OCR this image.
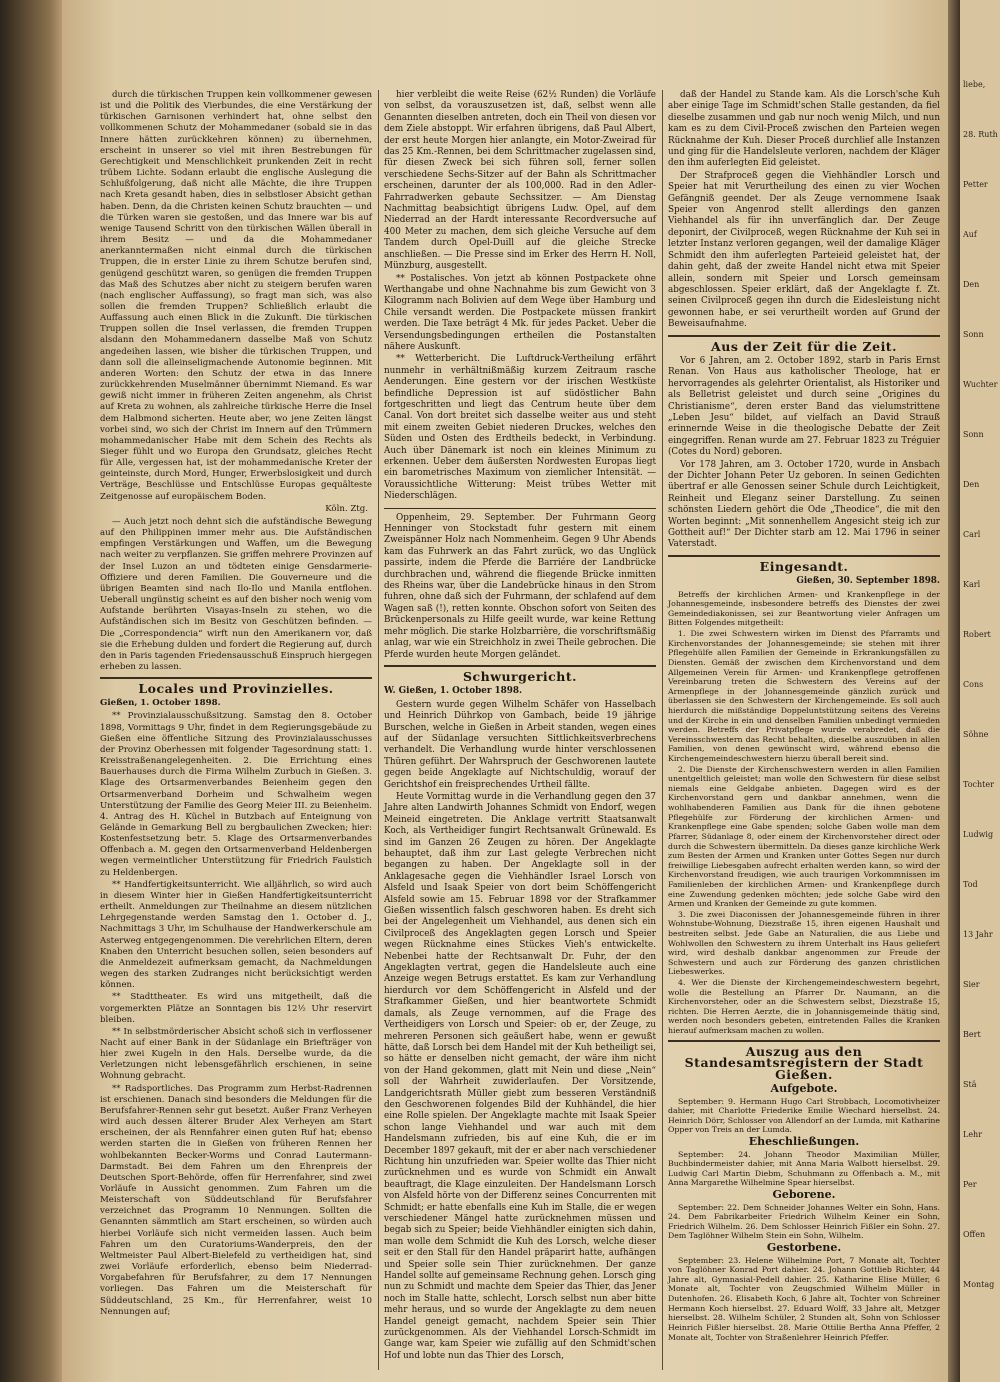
liebe,
28. Ruth
Petter
Auf
Den
Sonn
Wuchter
Sonn
Den
Carl
Karl
Robert
Cons
Söhne
Tochter
Ludwig
Tod
13 Jahr
Sier
Bert
Stä
Lehr
Per
Offen
Montag

durch die türkischen Truppen kein vollkommener gewesen ist und die Politik des Vierbundes, die eine Verstärkung der türkischen Garnisonen verhindert hat, ohne selbst den vollkommenen Schutz der Mohammedaner (sobald sie in das Innere hätten zurückkehren können) zu übernehmen, erscheint in unserer so viel mit ihren Bestrebungen für Gerechtigkeit und Menschlichkeit prunkenden Zeit in recht trübem Lichte. Sodann erlaubt die englische Auslegung die Schlußfolgerung, daß nicht alle Mächte, die ihre Truppen nach Kreta gesandt haben, dies in selbstloser Absicht gethan haben. Denn, da die Christen keinen Schutz brauchten — und die Türken waren sie gestoßen, und das Innere war bis auf wenige Tausend Schritt von den türkischen Wällen überall in ihrem Besitz — und da die Mohammedaner anerkanntermaßen nicht einmal durch die türkischen Truppen, die in erster Linie zu ihrem Schutze berufen sind, genügend geschützt waren, so genügen die fremden Truppen das Maß des Schutzes aber nicht zu steigern berufen waren (nach englischer Auffassung), so fragt man sich, was also sollen die fremden Truppen? Schließlich erlaubt die Auffassung auch einen Blick in die Zukunft. Die türkischen Truppen sollen die Insel verlassen, die fremden Truppen alsdann den Mohammedanern dasselbe Maß von Schutz angedeihen lassen, wie bisher die türkischen Truppen, und dann soll die alleinseligmachende Autonomie beginnen. Mit anderen Worten: den Schutz der etwa in das Innere zurückkehrenden Muselmänner übernimmt Niemand. Es war gewiß nicht immer in früheren Zeiten angenehm, als Christ auf Kreta zu wohnen, als zahlreiche türkische Herre die Insel dem Halbmond sicherten. Heute aber, wo jene Zeiten längst vorbei sind, wo sich der Christ im Innern auf den Trümmern mohammedanischer Habe mit dem Schein des Rechts als Sieger fühlt und wo Europa den Grundsatz, gleiches Recht für Alle, vergessen hat, ist der mohammedanische Kreter der geinteinste, durch Mord, Hunger, Erwerbslosigkeit und durch Verträge, Beschlüsse und Entschlüsse Europas gequälteste Zeitgenosse auf europäischem Boden.

Köln. Ztg.

— Auch jetzt noch dehnt sich die aufständische Bewegung auf den Philippinen immer mehr aus. Die Aufständischen empfingen Verstärkungen und Waffen, um die Bewegung nach weiter zu verpflanzen. Sie griffen mehrere Provinzen auf der Insel Luzon an und tödteten einige Gensdarmerie-Offiziere und deren Familien. Die Gouverneure und die übrigen Beamten sind nach Ilo-Ilo und Manila entflohen. Ueberall ungünstig scheint es auf den bisher noch wenig vom Aufstande berührten Visayas-Inseln zu stehen, wo die Aufständischen sich im Besitz von Geschützen befinden. — Die „Correspondencia“ wirft nun den Amerikanern vor, daß sie die Erhebung dulden und fordert die Regierung auf, durch den in Paris tagenden Friedensausschuß Einspruch hiergegen erheben zu lassen.

Locales und Provinzielles.
Gießen, 1. October 1898.

** Provinzialausschußsitzung. Samstag den 8. October 1898, Vormittags 9 Uhr, findet in dem Regierungsgebäude zu Gießen eine öffentliche Sitzung des Provinzialausschusses der Provinz Oberhessen mit folgender Tagesordnung statt: 1. Kreisstraßenangelegenheiten. 2. Die Errichtung eines Bauerhauses durch die Firma Wilhelm Zurbuch in Gießen. 3. Klage des Ortsarmenverbandes Beienheim gegen den Ortsarmenverband Dorheim und Schwalheim wegen Unterstützung der Familie des Georg Meier III. zu Beienheim. 4. Antrag des H. Küchel in Butzbach auf Enteignung von Gelände in Gemarkung Bell zu bergbaulichen Zwecken; hier: Kostenfestsetzung betr. 5. Klage des Ortsarmenverbandes Offenbach a. M. gegen den Ortsarmenverband Heldenbergen wegen vermeintlicher Unterstützung für Friedrich Faulstich zu Heldenbergen.

** Handfertigkeitsunterricht. Wie alljährlich, so wird auch in diesem Winter hier in Gießen Handfertigkeitsunterricht ertheilt. Anmeldungen zur Theilnahme an diesem nützlichen Lehrgegenstande werden Samstag den 1. October d. J., Nachmittags 3 Uhr, im Schulhause der Handwerkerschule am Asterweg entgegengenommen. Die verehrlichen Eltern, deren Knaben den Unterricht besuchen sollen, seien besonders auf die Anmeldezeit aufmerksam gemacht, da Nachmeldungen wegen des starken Zudranges nicht berücksichtigt werden können.

** Stadttheater. Es wird uns mitgetheilt, daß die vorgemerkten Plätze an Sonntagen bis 12½ Uhr reservirt bleiben.

** In selbstmörderischer Absicht schoß sich in verflossener Nacht auf einer Bank in der Südanlage ein Briefträger von hier zwei Kugeln in den Hals. Derselbe wurde, da die Verletzungen nicht lebensgefährlich erschienen, in seine Wohnung gebracht.

** Radsportliches. Das Programm zum Herbst-Radrennen ist erschienen. Danach sind besonders die Meldungen für die Berufsfahrer-Rennen sehr gut besetzt. Außer Franz Verheyen wird auch dessen älterer Bruder Alex Verheyen am Start erscheinen, der als Rennfahrer einen guten Ruf hat; ebenso werden starten die in Gießen von früheren Rennen her wohlbekannten Becker-Worms und Conrad Lautermann-Darmstadt. Bei dem Fahren um den Ehrenpreis der Deutschen Sport-Behörde, offen für Herrenfahrer, sind zwei Vorläufe in Aussicht genommen. Zum Fahren um die Meisterschaft von Süddeutschland für Berufsfahrer verzeichnet das Programm 10 Nennungen. Sollten die Genannten sämmtlich am Start erscheinen, so würden auch hierbei Vorläufe sich nicht vermeiden lassen. Auch beim Fahren um den Curatoriums-Wanderpreis, den der Weltmeister Paul Albert-Bielefeld zu vertheidigen hat, sind zwei Vorläufe erforderlich, ebenso beim Niederrad-Vorgabefahren für Berufsfahrer, zu dem 17 Nennungen vorliegen. Das Fahren um die Meisterschaft für Süddeutschland, 25 Km., für Herrenfahrer, weist 10 Nennungen auf;

hier verbleibt die weite Reise (62½ Runden) die Vorläufe von selbst, da vorauszusetzen ist, daß, selbst wenn alle Genannten dieselben antreten, doch ein Theil von diesen vor dem Ziele abstoppt. Wir erfahren übrigens, daß Paul Albert, der erst heute Morgen hier anlangte, ein Motor-Zweirad für das 25 Km.-Rennen, bei dem Schrittmacher zugelassen sind, für diesen Zweck bei sich führen soll, ferner sollen verschiedene Sechs-Sitzer auf der Bahn als Schrittmacher erscheinen, darunter der als 100,000. Rad in den Adler-Fahrradwerken gebaute Sechssitzer. — Am Dienstag Nachmittag beabsichtigt übrigens Ludw. Opel, auf dem Niederrad an der Hardt interessante Recordversuche auf 400 Meter zu machen, dem sich gleiche Versuche auf dem Tandem durch Opel-Duill auf die gleiche Strecke anschließen. — Die Presse sind im Erker des Herrn H. Noll, Münzburg, ausgestellt.

** Postalisches. Von jetzt ab können Postpackete ohne Werthangabe und ohne Nachnahme bis zum Gewicht von 3 Kilogramm nach Bolivien auf dem Wege über Hamburg und Chile versandt werden. Die Postpackete müssen frankirt werden. Die Taxe beträgt 4 Mk. für jedes Packet. Ueber die Versendungsbedingungen ertheilen die Postanstalten nähere Auskunft.

** Wetterbericht. Die Luftdruck-Vertheilung erfährt nunmehr in verhältnißmäßig kurzem Zeitraum rasche Aenderungen. Eine gestern vor der irischen Westküste befindliche Depression ist auf südöstlicher Bahn fortgeschritten und liegt das Centrum heute über dem Canal. Von dort breitet sich dasselbe weiter aus und steht mit einem zweiten Gebiet niederen Druckes, welches den Süden und Osten des Erdtheils bedeckt, in Verbindung. Auch über Dänemark ist noch ein kleines Minimum zu erkennen. Ueber dem äußersten Nordwesten Europas liegt ein barometrisches Maximum von ziemlicher Intensität. — Voraussichtliche Witterung: Meist trübes Wetter mit Niederschlägen.

Oppenheim, 29. September. Der Fuhrmann Georg Henninger von Stockstadt fuhr gestern mit einem Zweispänner Holz nach Nommenheim. Gegen 9 Uhr Abends kam das Fuhrwerk an das Fahrt zurück, wo das Unglück passirte, indem die Pferde die Barriére der Landbrücke durchbrachen und, während die fliegende Brücke inmitten des Rheins war, über die Landebrücke hinaus in den Strom fuhren, ohne daß sich der Fuhrmann, der schlafend auf dem Wagen saß (!), retten konnte. Obschon sofort von Seiten des Brückenpersonals zu Hilfe geeilt wurde, war keine Rettung mehr möglich. Die starke Holzbarrière, die vorschriftsmäßig anlag, war wie ein Streichholz in zwei Theile gebrochen. Die Pferde wurden heute Morgen geländet.

Schwurgericht.
W. Gießen, 1. October 1898.

Gestern wurde gegen Wilhelm Schäfer von Hasselbach und Heinrich Dührkop von Gambach, beide 19 jährige Burschen, welche in Gießen in Arbeit standen, wegen eines auf der Südanlage versuchten Sittlichkeitsverbrechens verhandelt. Die Verhandlung wurde hinter verschlossenen Thüren geführt. Der Wahrspruch der Geschworenen lautete gegen beide Angeklagte auf Nichtschuldig, worauf der Gerichtshof ein freisprechendes Urtheil fällte.

Heute Vormittag wurde in die Verhandlung gegen den 37 Jahre alten Landwirth Johannes Schmidt von Endorf, wegen Meineid eingetreten. Die Anklage vertritt Staatsanwalt Koch, als Vertheidiger fungirt Rechtsanwalt Grünewald. Es sind im Ganzen 26 Zeugen zu hören. Der Angeklagte behauptet, daß ihm zur Last gelegte Verbrechen nicht begangen zu haben. Der Angeklagte soll in der Anklagesache gegen die Viehhändler Israel Lorsch von Alsfeld und Isaak Speier von dort beim Schöffengericht Alsfeld sowie am 15. Februar 1898 vor der Strafkammer Gießen wissentlich falsch geschworen haben. Es dreht sich bei der Angelegenheit um Viehhandel, aus denen sich ein Civilproceß des Angeklagten gegen Lorsch und Speier wegen Rücknahme eines Stückes Vieh's entwickelte. Nebenbei hatte der Rechtsanwalt Dr. Fuhr, der den Angeklagten vertrat, gegen die Handelsleute auch eine Anzeige wegen Betrugs erstattet. Es kam zur Verhandlung hierdurch vor dem Schöffengericht in Alsfeld und der Strafkammer Gießen, und hier beantwortete Schmidt damals, als Zeuge vernommen, auf die Frage des Vertheidigers von Lorsch und Speier: ob er, der Zeuge, zu mehreren Personen sich geäußert habe, wenn er gewußt hätte, daß Lorsch bei dem Handel mit der Kuh betheiligt sei, so hätte er denselben nicht gemacht, der wäre ihm nicht von der Hand gekommen, glatt mit Nein und diese „Nein“ soll der Wahrheit zuwiderlaufen. Der Vorsitzende, Landgerichtsrath Müller giebt zum besseren Verständniß den Geschworenen folgendes Bild der Kuhhändel, die hier eine Rolle spielen. Der Angeklagte machte mit Isaak Speier schon lange Viehhandel und war auch mit dem Handelsmann zufrieden, bis auf eine Kuh, die er im December 1897 gekauft, mit der er aber nach verschiedener Richtung hin unzufrieden war. Speier wollte das Thier nicht zurücknehmen und es wurde von Schmidt ein Anwalt beauftragt, die Klage einzuleiten. Der Handelsmann Lorsch von Alsfeld hörte von der Differenz seines Concurrenten mit Schmidt; er hatte ebenfalls eine Kuh im Stalle, die er wegen verschiedener Mängel hatte zurücknehmen müssen und begab sich zu Speier; beide Viehhändler einigten sich dahin, man wolle dem Schmidt die Kuh des Lorsch, welche dieser seit er den Stall für den Handel präparirt hatte, aufhängen und Speier solle sein Thier zurücknehmen. Der ganze Handel sollte auf gemeinsame Rechnung gehen. Lorsch ging nun zu Schmidt und machte dem Speier das Thier, das Jener noch im Stalle hatte, schlecht, Lorsch selbst nun aber bitte mehr heraus, und so wurde der Angeklagte zu dem neuen Handel geneigt gemacht, nachdem Speier sein Thier zurückgenommen. Als der Viehhandel Lorsch-Schmidt im Gange war, kam Speier wie zufällig auf den Schmidt'schen Hof und lobte nun das Thier des Lorsch,

daß der Handel zu Stande kam. Als die Lorsch'sche Kuh aber einige Tage im Schmidt'schen Stalle gestanden, da fiel dieselbe zusammen und gab nur noch wenig Milch, und nun kam es zu dem Civil-Proceß zwischen den Parteien wegen Rücknahme der Kuh. Dieser Proceß durchlief alle Instanzen und ging für die Handelsleute verloren, nachdem der Kläger den ihm auferlegten Eid geleistet.

Der Strafproceß gegen die Viehhändler Lorsch und Speier hat mit Verurtheilung des einen zu vier Wochen Gefängniß geendet. Der als Zeuge vernommene Isaak Speier von Angenrod stellt allerdings den ganzen Viehhandel als für ihn unverfänglich dar. Der Zeuge deponirt, der Civilproceß, wegen Rücknahme der Kuh sei in letzter Instanz verloren gegangen, weil der damalige Kläger Schmidt den ihm auferlegten Parteieid geleistet hat, der dahin geht, daß der zweite Handel nicht etwa mit Speier allein, sondern mit Speier und Lorsch gemeinsam abgeschlossen. Speier erklärt, daß der Angeklagte f. Zt. seinen Civilproceß gegen ihn durch die Eidesleistung nicht gewonnen habe, er sei verurtheilt worden auf Grund der Beweisaufnahme.

Aus der Zeit für die Zeit.

Vor 6 Jahren, am 2. October 1892, starb in Paris Ernst Renan. Von Haus aus katholischer Theologe, hat er hervorragendes als gelehrter Orientalist, als Historiker und als Belletrist geleistet und durch seine „Origines du Christianisme“, deren erster Band das vielumstrittene „Leben Jesu“ bildet, auf vielfach an David Strauß erinnernde Weise in die theologische Debatte der Zeit eingegriffen. Renan wurde am 27. Februar 1823 zu Tréguier (Cotes du Nord) geboren.

Vor 178 Jahren, am 3. October 1720, wurde in Ansbach der Dichter Johann Peter Uz geboren. In seinen Gedichten übertraf er alle Genossen seiner Schule durch Leichtigkeit, Reinheit und Eleganz seiner Darstellung. Zu seinen schönsten Liedern gehört die Ode „Theodice“, die mit den Worten beginnt: „Mit sonnenhellem Angesicht steig ich zur Gottheit auf!“ Der Dichter starb am 12. Mai 1796 in seiner Vaterstadt.

Eingesandt.
Gießen, 30. September 1898.

Betreffs der kirchlichen Armen- und Krankenpflege in der Johannesgemeinde, insbesondere betreffs des Dienstes der zwei Gemeindediakonissen, sei zur Beantwortung vieler Anfragen um Bitten Folgendes mitgetheilt:

1. Die zwei Schwestern wirken im Dienst des Pfarramts und Kirchenvorstandes der Johannesgemeinde; sie stehen mit ihrer Pflegehülfe allen Familien der Gemeinde in Erkrankungsfällen zu Diensten. Gemäß der zwischen dem Kirchenvorstand und dem Allgemeinen Verein für Armen- und Krankenpflege getroffenen Vereinbarung treten die Schwestern des Vereins auf der Armenpflege in der Johannesgemeinde gänzlich zurück und überlassen sie den Schwestern der Kirchengemeinde. Es soll auch hierdurch die mißständige Doppeluntstützung seitens des Vereins und der Kirche in ein und denselben Familien unbedingt vermieden werden. Betreffs der Privatpflege wurde verabredet, daß die Vereinsschwestern das Recht behalten, dieselbe auszuüben in allen Familien, von denen gewünscht wird, während ebenso die Kirchengemeindeschwestern hierzu überall bereit sind.

2. Die Dienste der Kirchenschwestern werden in allen Familien unentgeltlich geleistet; man wolle den Schwestern für diese selbst niemals eine Geldgabe anbieten. Dagegen wird es der Kirchenvorstand gern und dankbar annehmen, wenn die wohlhabenderen Familien aus Dank für die ihnen gebotene Pflegehülfe zur Förderung der kirchlichen Armen- und Krankenpflege eine Gabe spenden; solche Gaben wolle man dem Pfarrer, Südanlage 8, oder einem der Kirchenvorsteher direct oder durch die Schwestern übermitteln. Da dieses ganze kirchliche Werk zum Besten der Armen und Kranken unter Gottes Segen nur durch freiwillige Liebesgaben aufrecht erhalten werden kann, so wird der Kirchenvorstand freudigen, wie auch traurigen Vorkommnissen im Familienleben der kirchlichen Armen- und Krankenpflege durch eine Zuwendung gedenken möchten; jede solche Gabe wird den Armen und Kranken der Gemeinde zu gute kommen.

3. Die zwei Diaconissen der Johannesgemeinde führen in ihrer Wohnstube-Wohnung, Diezstraße 15, ihren eigenen Haushalt und bestreiten selbst. Jede Gabe an Naturalien, die aus Liebe und Wohlwollen den Schwestern zu ihrem Unterhalt ins Haus geliefert wird, wird deshalb dankbar angenommen zur Freude der Schwestern und auch zur Förderung des ganzen christlichen Liebeswerkes.

4. Wer die Dienste der Kirchengemeindeschwestern begehrt, wolle die Bestellung an Pfarrer Dr. Naumann, an die Kirchenvorsteher, oder an die Schwestern selbst, Diezstraße 15, richten. Die Herren Aerzte, die in Johannisgemeinde thätig sind, werden noch besonders gebeten, eintretenden Falles die Kranken hierauf aufmerksam machen zu wollen.

Auszug aus den Standesamtsregistern der Stadt Gießen.
Aufgebote.

September: 9. Hermann Hugo Carl Strobbach, Locomotivheizer dahier, mit Charlotte Friederike Emilie Wiechard hierselbst. 24. Heinrich Dörr, Schlosser von Allendorf an der Lumda, mit Katharine Opper von Treis an der Lumda.

Eheschließungen.

September: 24. Johann Theodor Maximilian Müller, Buchbindermeister dahier, mit Anna Maria Walbott hierselbst. 29. Ludwig Carl Martin Diebm, Schuhmann zu Offenbach a. M., mit Anna Margarethe Wilhelmine Spear hierselbst.

Geborene.

September: 22. Dem Schneider Johannes Welter ein Sohn, Hans. 24. Dem Fabrikarbeiter Friedrich Wilhelm Keiner ein Sohn, Friedrich Wilhelm. 26. Dem Schlosser Heinrich Fißler ein Sohn. 27. Dem Taglöhner Wilhelm Stein ein Sohn, Wilhelm.

Gestorbene.

September: 23. Helene Wilhelmine Port, 7 Monate alt, Tochter von Taglöhner Konrad Port dahier. 24. Johann Gottlieb Richter, 44 Jahre alt, Gymnasial-Pedell dahier. 25. Katharine Elise Müller, 6 Monate alt, Tochter von Zeugschmied Wilhelm Müller in Dutenhofen. 26. Elisabeth Koch, 6 Jahre alt, Tochter von Schreiner Hermann Koch hierselbst. 27. Eduard Wolff, 33 Jahre alt, Metzger hierselbst. 28. Wilhelm Schüler, 2 Stunden alt, Sohn von Schlosser Heinrich Fißler hierselbst. 28. Marie Ottilie Bertha Anna Pfeffer, 2 Monate alt, Tochter von Straßenlehrer Heinrich Pfeffer.
